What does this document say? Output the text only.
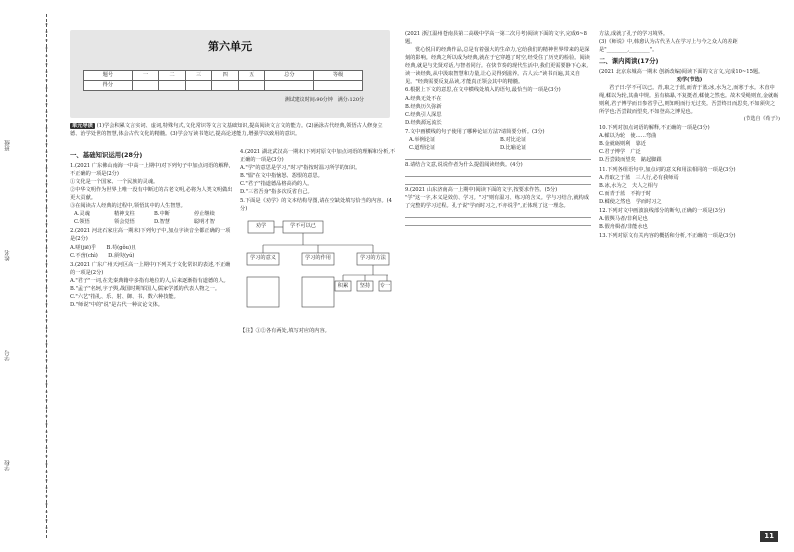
班级
姓名
学号
学校
第六单元
题号	一	二	三	四	五	总分	等级
得分							
测试建议时间:90分钟　满分:120分
单元导读 (1)学会积累文言实词、虚词,特殊句式,文化常识等文言文基础知识,提高阅读文言文的能力。(2)涵泳古代经典,领悟古人修身立德、治学处世的智慧,体会古代文化的精髓。(3)学会写读书笔记,提高论述能力,增强学以致用的意识。
一、基础知识运用(28分)
1.(2021 广东佛山南海一中高一上期中)对下列句子中加点词语的解释,不正确的一项是(2分)
①文化是一个国家、一个民族的灵魂。
②中华文明作为世界上唯一没有中断过的古老文明,必将为人类文明做出更大贡献。
③在阅读古人经典的过程中,领悟其中的人生智慧。
A.灵魂	精神支柱	B.中断	停止继续
C.领悟	领会觉悟	D.智慧	聪明才智
2.(2021 河北石家庄高一期末)下列句子中,加点字读音全都正确的一项是(2分)
A.嗟(jiē)乎　　B.苟(gǒu)且
C.不啻(chì)　　D.须臾(yú)
3.(2021 广东广州天河区高一上期中)下列关于文化常识的表述,不正确的一项是(2分)
A."君子"一词,在先秦典籍中多指有地位的人,后来逐渐指有道德的人。
B."孟子"名轲,字子舆,战国时期邹国人,儒家学派的代表人物之一。
C."六艺"指礼、乐、射、御、书、数六种技能。
D."师说"中的"说"是古代一种议论文体。
4.(2021 湖北武汉高一期末)下列对原文中加点词语的理解和分析,不正确的一项是(3分)
A."学"的意思是学习,"时习"指按时温习所学的知识。
B."愠"在文中指恼怒、怨恨的意思。
C."君子"指道德品格高尚的人。
D."三省吾身"指多次反省自己。
5.下面是《劝学》的文本结构导图,请在空缺处填写恰当的内容。(4分)
劝学	学不可以已
学习的意义	学习的作用	学习的方法
积累	坚持	专一
【注】①②各有两处,填写对应的内容。
(2021 浙江温州苍南县第二高级中学高一第二次月考)阅读下面的文字,完成6~8题。
赏心悦目的经典作品,总是有着强大的生命力,它给我们的精神世界带来的是深刻的影响。经典之所以成为经典,就在于它穿越了时空,经受住了历史的检验。阅读经典,就是与先贤对话,与智者同行。在快节奏的现代生活中,我们更需要静下心来,读一读经典,从中汲取智慧和力量,让心灵得到滋养。古人云:"读书百遍,其义自见。"经典需要反复品读,才能真正领会其中的精髓。
6.根据上下文的意思,在文中横线处填入的语句,最恰当的一项是(3分)
A.经典无处不在
B.经典历久弥新
C.经典引人深思
D.经典源远流长
7.文中画横线的句子使用了哪种论证方法?请简要分析。(3分)
A.举例论证	B.对比论证
C.道理论证	D.比喻论证
8.请结合文意,说说作者为什么提倡阅读经典。(4分)
9.(2021 山东济南高一上期中)阅读下面的文字,按要求作答。(5分)
"学"这一字,本义是效仿、学习。"习"则有温习、练习的含义。学与习结合,就构成了完整的学习过程。孔子说"学而时习之,不亦说乎",正体现了这一理念。
方法,成就了孔子的学习境界。
(3)《师说》中,韩愈认为古代圣人在学习上与今之众人的差距是"________,________"。
二、课内阅读(17分)
(2021 北京东城高一期末 创新改编)阅读下面的文言文,完成10~15题。
劝学(节选)
君子曰:学不可以已。青,取之于蓝,而青于蓝;冰,水为之,而寒于水。木直中绳,輮以为轮,其曲中规。虽有槁暴,不复挺者,輮使之然也。故木受绳则直,金就砺则利,君子博学而日参省乎己,则知明而行无过矣。吾尝终日而思矣,不如须臾之所学也;吾尝跂而望矣,不如登高之博见也。
(节选自《荀子》)
10.下列对加点词语的解释,不正确的一项是(3分)
A.輮以为轮　使……弯曲
B.金就砺则利　靠近
C.君子博学　广泛
D.吾尝跂而望矣　踮起脚跟
11.下列各组语句中,加点词的意义和用法相同的一项是(3分)
A.青取之于蓝　三人行,必有我师焉
B.冰,水为之　夫人之相与
C.而青于蓝　不拘于时
D.輮使之然也　学而时习之
12.下列对文中画波浪线部分的断句,正确的一项是(3分)
A.假舆马者/非利足也
B.假舟楫者/非能水也
13.下列对原文有关内容的概括和分析,不正确的一项是(3分)
11
